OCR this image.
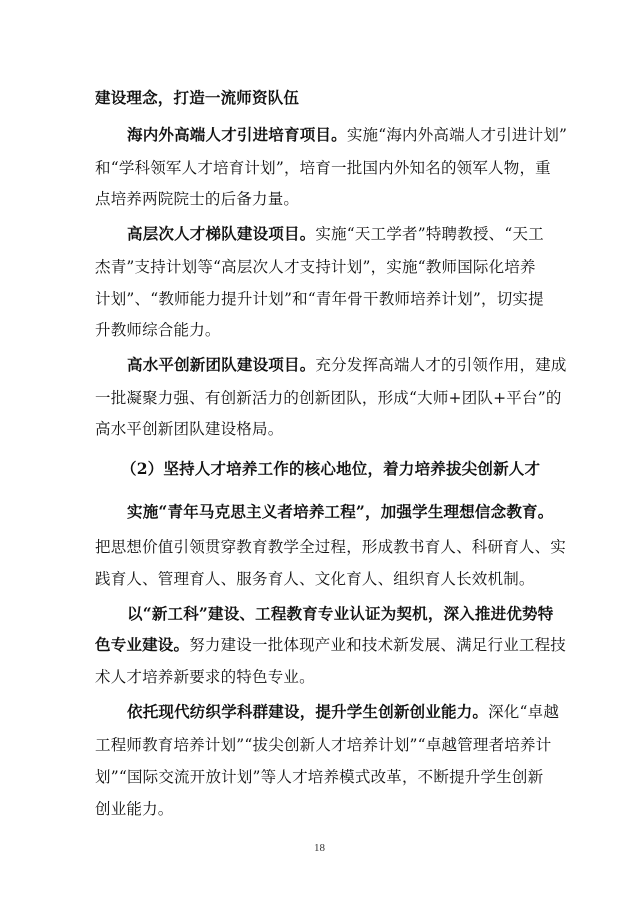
建设理念，打造一流师资队伍
海内外高端人才引进培育项目。实施“海内外高端人才引进计划”
和“学科领军人才培育计划”，培育一批国内外知名的领军人物，重
点培养两院院士的后备力量。
高层次人才梯队建设项目。实施“天工学者”特聘教授、“天工
杰青”支持计划等“高层次人才支持计划”，实施“教师国际化培养
计划”、“教师能力提升计划”和“青年骨干教师培养计划”，切实提
升教师综合能力。
高水平创新团队建设项目。充分发挥高端人才的引领作用，建成
一批凝聚力强、有创新活力的创新团队，形成“大师+团队+平台”的
高水平创新团队建设格局。
（2）坚持人才培养工作的核心地位，着力培养拔尖创新人才
实施“青年马克思主义者培养工程”，加强学生理想信念教育。
把思想价值引领贯穿教育教学全过程，形成教书育人、科研育人、实
践育人、管理育人、服务育人、文化育人、组织育人长效机制。
以“新工科”建设、工程教育专业认证为契机，深入推进优势特
色专业建设。努力建设一批体现产业和技术新发展、满足行业工程技
术人才培养新要求的特色专业。
依托现代纺织学科群建设，提升学生创新创业能力。深化“卓越
工程师教育培养计划”“拔尖创新人才培养计划”“卓越管理者培养计
划”“国际交流开放计划”等人才培养模式改革，不断提升学生创新
创业能力。
18
